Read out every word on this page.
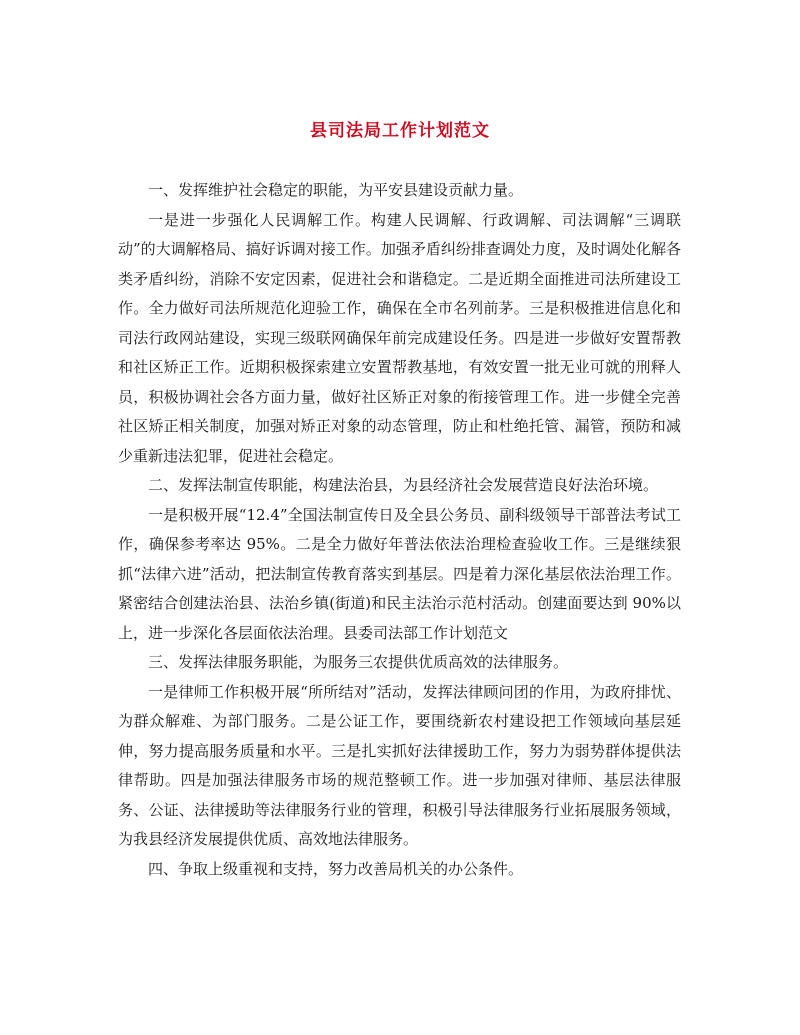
县司法局工作计划范文

一、发挥维护社会稳定的职能，为平安县建设贡献力量。

一是进一步强化人民调解工作。构建人民调解、行政调解、司法调解“三调联动”的大调解格局、搞好诉调对接工作。加强矛盾纠纷排查调处力度，及时调处化解各类矛盾纠纷，消除不安定因素，促进社会和谐稳定。二是近期全面推进司法所建设工作。全力做好司法所规范化迎验工作，确保在全市名列前茅。三是积极推进信息化和司法行政网站建设，实现三级联网确保年前完成建设任务。四是进一步做好安置帮教和社区矫正工作。近期积极探索建立安置帮教基地，有效安置一批无业可就的刑释人员，积极协调社会各方面力量，做好社区矫正对象的衔接管理工作。进一步健全完善社区矫正相关制度，加强对矫正对象的动态管理，防止和杜绝托管、漏管，预防和减少重新违法犯罪，促进社会稳定。

二、发挥法制宣传职能，构建法治县，为县经济社会发展营造良好法治环境。

一是积极开展“12.4”全国法制宣传日及全县公务员、副科级领导干部普法考试工作，确保参考率达 95%。二是全力做好年普法依法治理检查验收工作。三是继续狠抓“法律六进”活动，把法制宣传教育落实到基层。四是着力深化基层依法治理工作。紧密结合创建法治县、法治乡镇(街道)和民主法治示范村活动。创建面要达到 90%以上，进一步深化各层面依法治理。县委司法部工作计划范文

三、发挥法律服务职能，为服务三农提供优质高效的法律服务。

一是律师工作积极开展“所所结对”活动，发挥法律顾问团的作用，为政府排忧、为群众解难、为部门服务。二是公证工作，要围绕新农村建设把工作领域向基层延伸，努力提高服务质量和水平。三是扎实抓好法律援助工作，努力为弱势群体提供法律帮助。四是加强法律服务市场的规范整顿工作。进一步加强对律师、基层法律服务、公证、法律援助等法律服务行业的管理，积极引导法律服务行业拓展服务领域，为我县经济发展提供优质、高效地法律服务。

四、争取上级重视和支持，努力改善局机关的办公条件。
